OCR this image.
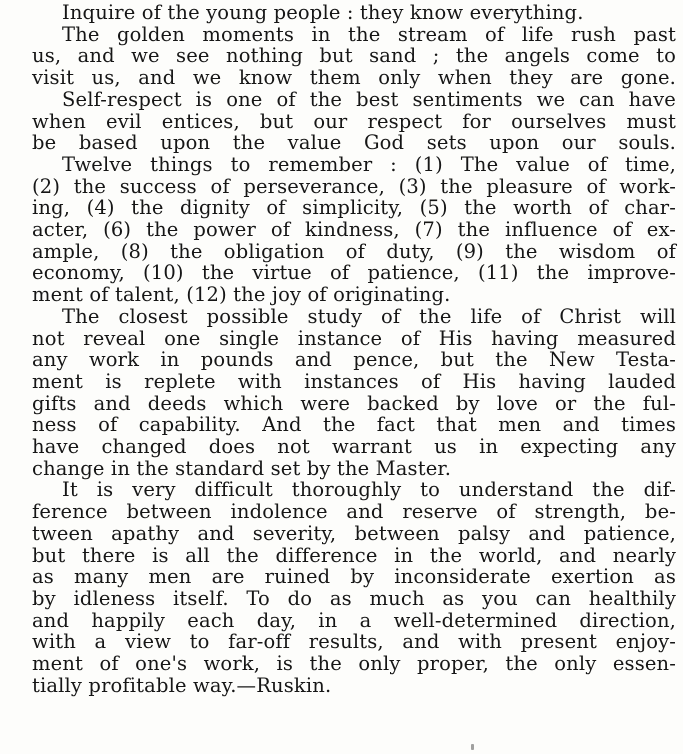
Inquire of the young people : they know everything.

The golden moments in the stream of life rush past
us, and we see nothing but sand ; the angels come to
visit us, and we know them only when they are gone.

Self-respect is one of the best sentiments we can have
when evil entices, but our respect for ourselves must
be based upon the value God sets upon our souls.

Twelve things to remember : (1) The value of time,
(2) the success of perseverance, (3) the pleasure of work-
ing, (4) the dignity of simplicity, (5) the worth of char-
acter, (6) the power of kindness, (7) the influence of ex-
ample, (8) the obligation of duty, (9) the wisdom of
economy, (10) the virtue of patience, (11) the improve-
ment of talent, (12) the joy of originating.

The closest possible study of the life of Christ will
not reveal one single instance of His having measured
any work in pounds and pence, but the New Testa-
ment is replete with instances of His having lauded
gifts and deeds which were backed by love or the ful-
ness of capability. And the fact that men and times
have changed does not warrant us in expecting any
change in the standard set by the Master.

It is very difficult thoroughly to understand the dif-
ference between indolence and reserve of strength, be-
tween apathy and severity, between palsy and patience,
but there is all the difference in the world, and nearly
as many men are ruined by inconsiderate exertion as
by idleness itself. To do as much as you can healthily
and happily each day, in a well-determined direction,
with a view to far-off results, and with present enjoy-
ment of one's work, is the only proper, the only essen-
tially profitable way.—Ruskin.
